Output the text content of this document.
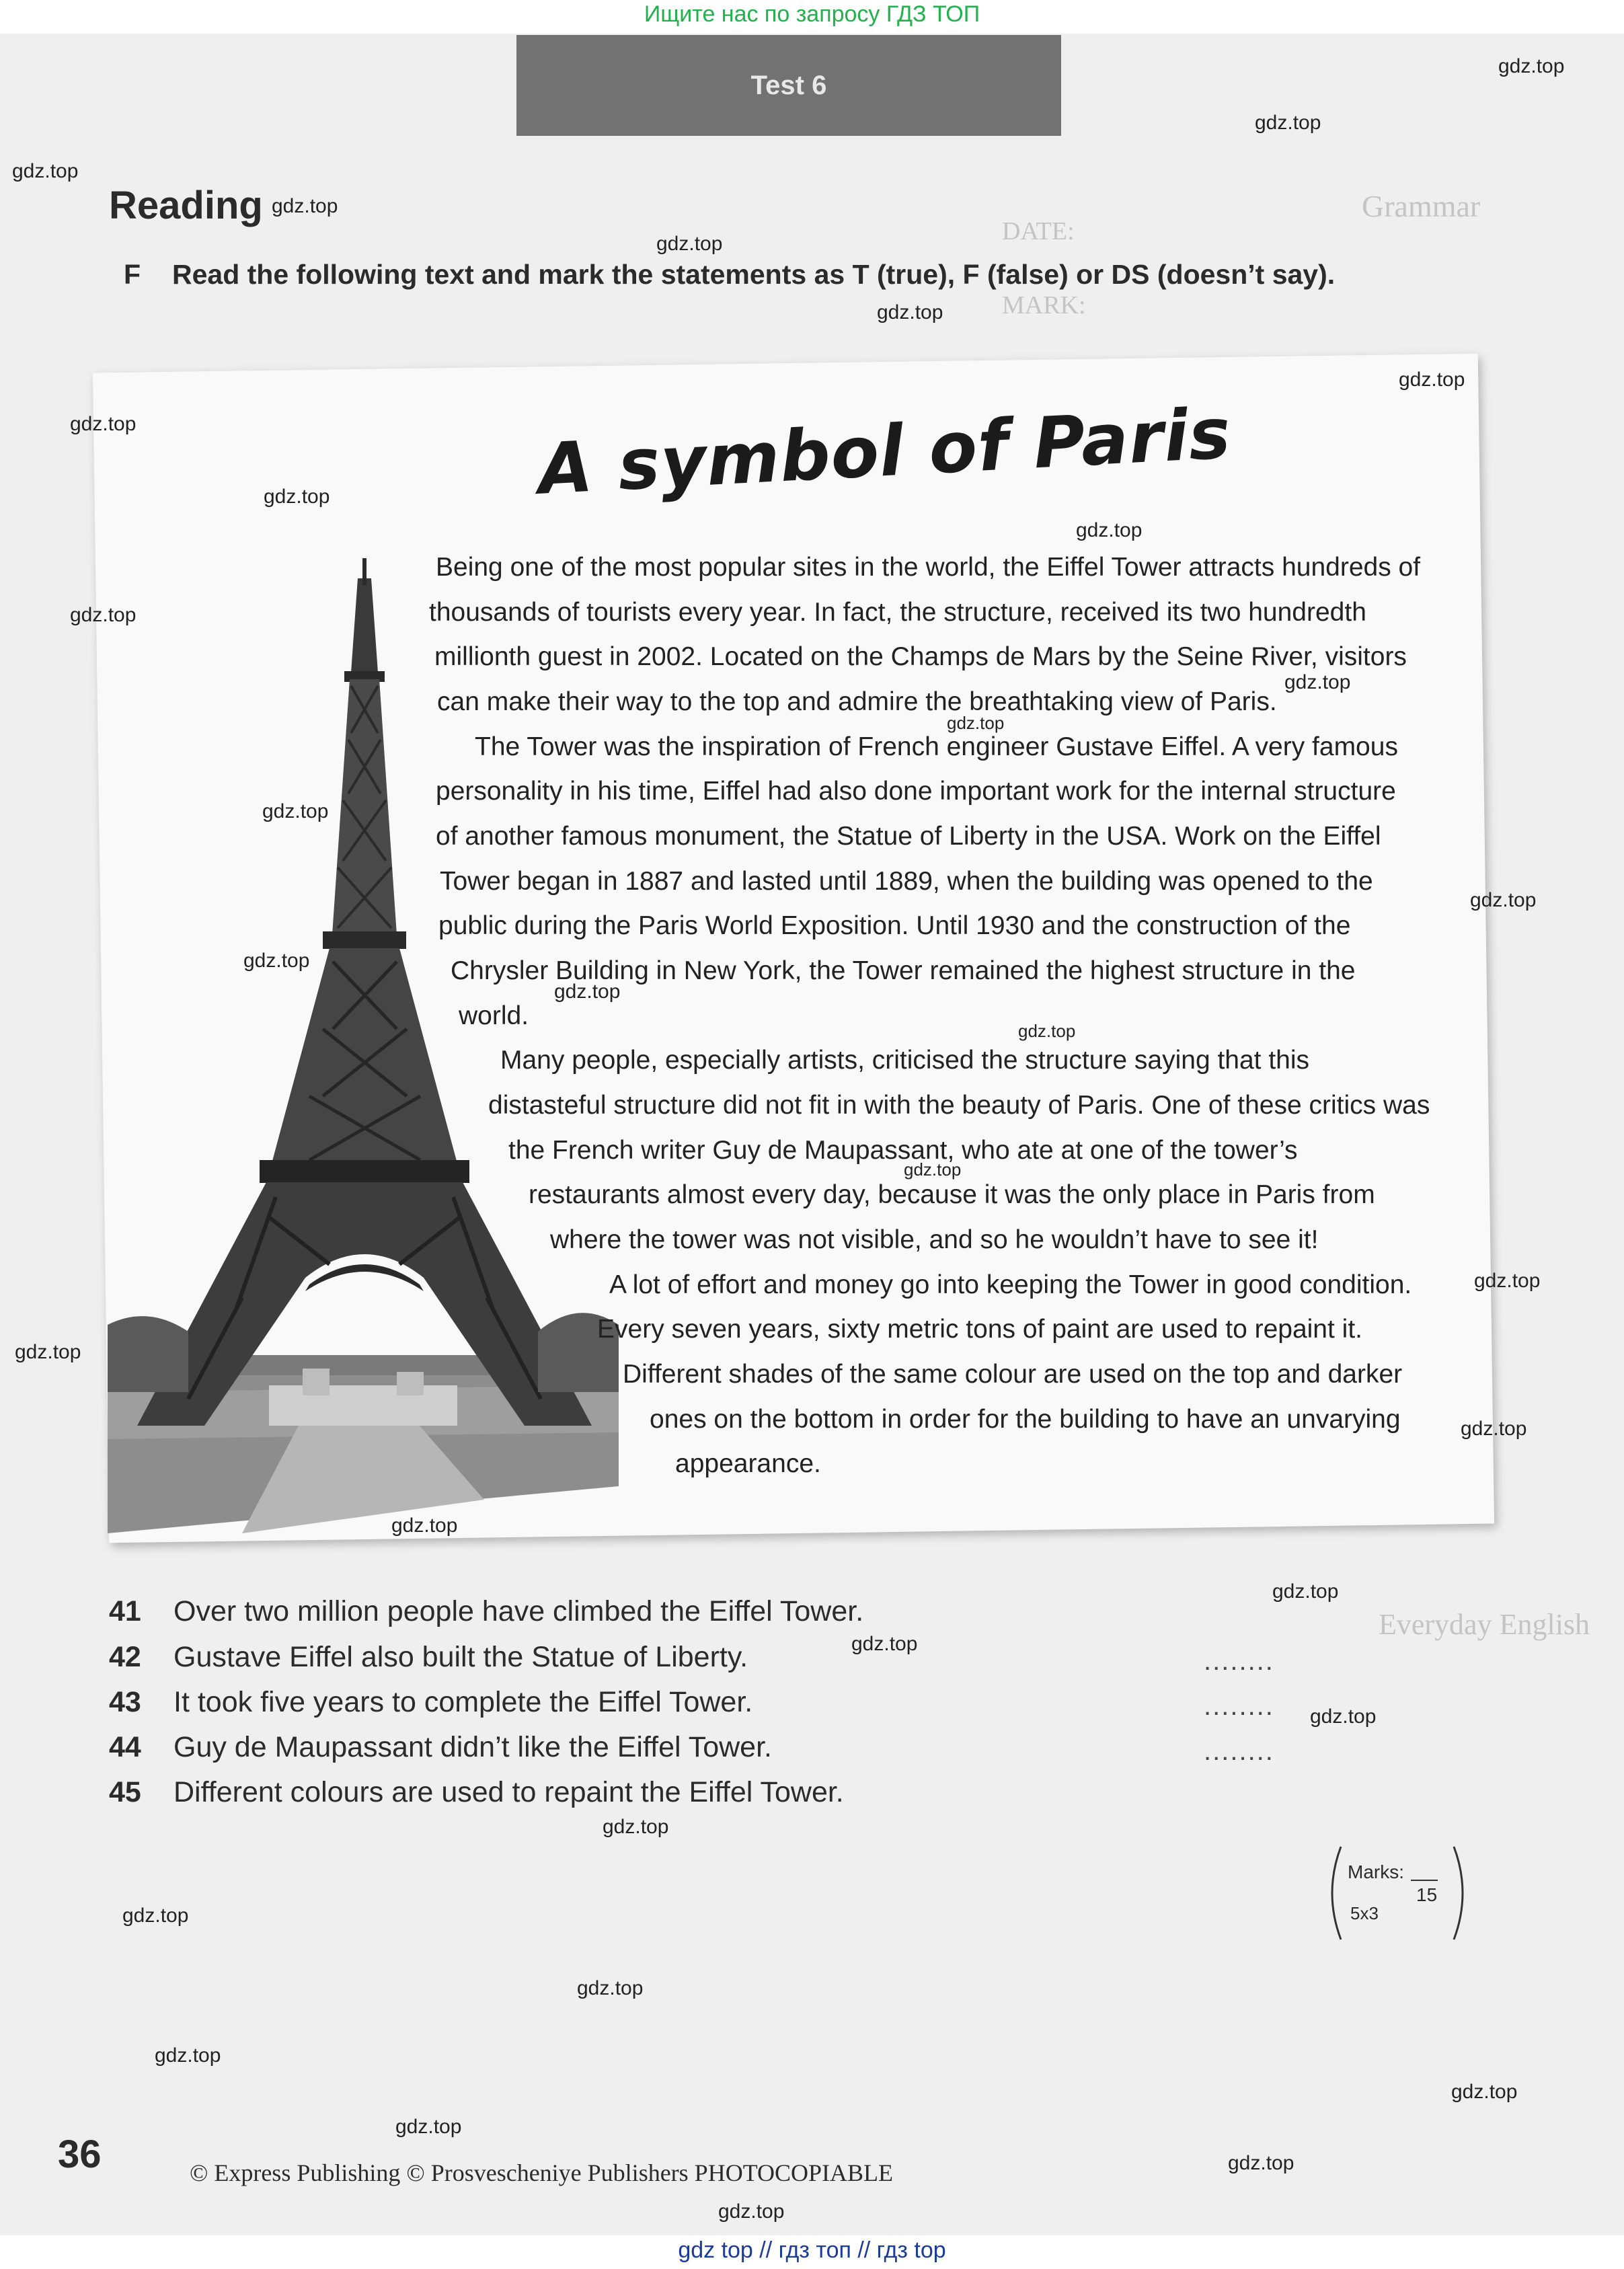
Grammar
DATE:
MARK:
Everyday English
Ищите нас по запросу ГДЗ ТОП
Test 6
Reading
F Read the following text and mark the statements as T (true), F (false) or DS (doesn’t say).
A symbol of Paris
Being one of the most popular sites in the world, the Eiffel Tower attracts hundreds of
thousands of tourists every year. In fact, the structure, received its two hundredth
millionth guest in 2002. Located on the Champs de Mars by the Seine River, visitors
can make their way to the top and admire the breathtaking view of Paris.
The Tower was the inspiration of French engineer Gustave Eiffel. A very famous
personality in his time, Eiffel had also done important work for the internal structure
of another famous monument, the Statue of Liberty in the USA. Work on the Eiffel
Tower began in 1887 and lasted until 1889, when the building was opened to the
public during the Paris World Exposition. Until 1930 and the construction of the
Chrysler Building in New York, the Tower remained the highest structure in the
world.
Many people, especially artists, criticised the structure saying that this
distasteful structure did not fit in with the beauty of Paris. One of these critics was
the French writer Guy de Maupassant, who ate at one of the tower’s
restaurants almost every day, because it was the only place in Paris from
where the tower was not visible, and so he wouldn’t have to see it!
A lot of effort and money go into keeping the Tower in good condition.
Every seven years, sixty metric tons of paint are used to repaint it.
Different shades of the same colour are used on the top and darker
ones on the bottom in order for the building to have an unvarying
appearance.
41 Over two million people have climbed the Eiffel Tower.
42 Gustave Eiffel also built the Statue of Liberty.
43 It took five years to complete the Eiffel Tower.
44 Guy de Maupassant didn’t like the Eiffel Tower.
45 Different colours are used to repaint the Eiffel Tower.
........
........
........
Marks:
15
5x3
36	© Express Publishing © Prosvescheniye Publishers PHOTOCOPIABLE
gdz.top
gdz.top
gdz.top
gdz.top
gdz.top
gdz.top
gdz.top
gdz.top
gdz.top
gdz.top
gdz.top
gdz.top
gdz.top
gdz.top
gdz.top
gdz.top
gdz.top
gdz.top
gdz.top
gdz.top
gdz.top
gdz.top
gdz.top
gdz.top
gdz.top
gdz.top
gdz.top
gdz.top
gdz.top
gdz.top
gdz.top
gdz.top
gdz.top
gdz.top
gdz top // гдз топ // гдз top
